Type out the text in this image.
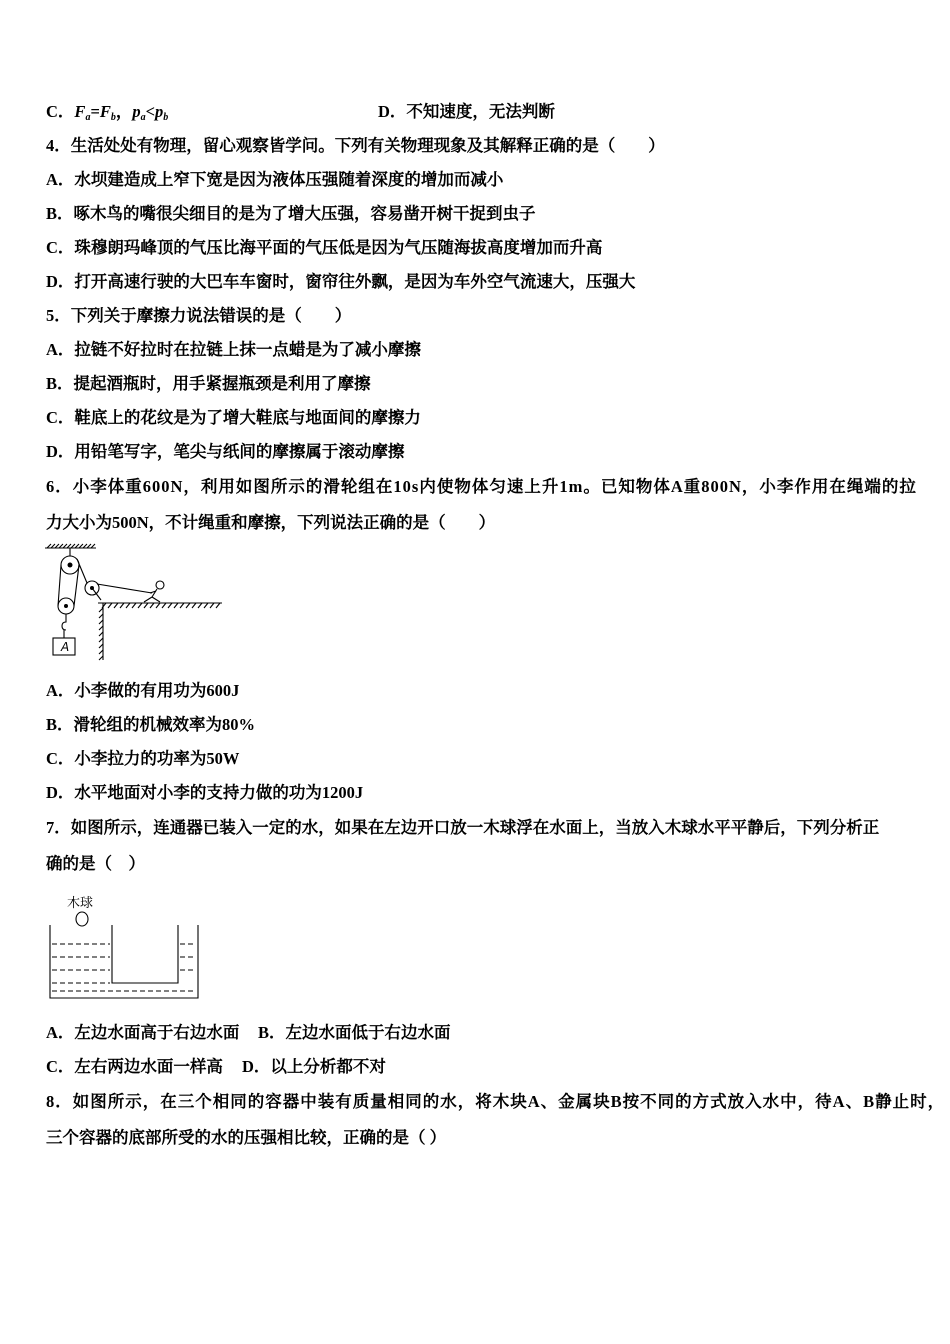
C．Fa=Fb，pa<pb	D．不知速度，无法判断
4．生活处处有物理，留心观察皆学问。下列有关物理现象及其解释正确的是（　　）
A．水坝建造成上窄下宽是因为液体压强随着深度的增加而减小
B．啄木鸟的嘴很尖细目的是为了增大压强，容易凿开树干捉到虫子
C．珠穆朗玛峰顶的气压比海平面的气压低是因为气压随海拔高度增加而升高
D．打开高速行驶的大巴车车窗时，窗帘往外飘，是因为车外空气流速大，压强大
5．下列关于摩擦力说法错误的是（　　）
A．拉链不好拉时在拉链上抹一点蜡是为了减小摩擦
B．提起酒瓶时，用手紧握瓶颈是利用了摩擦
C．鞋底上的花纹是为了增大鞋底与地面间的摩擦力
D．用铅笔写字，笔尖与纸间的摩擦属于滚动摩擦
6．小李体重600N，利用如图所示的滑轮组在10s内使物体匀速上升1m。已知物体A重800N，小李作用在绳端的拉
力大小为500N，不计绳重和摩擦，下列说法正确的是（　　）
A
A．小李做的有用功为600J
B．滑轮组的机械效率为80%
C．小李拉力的功率为50W
D．水平地面对小李的支持力做的功为1200J
7．如图所示，连通器已装入一定的水，如果在左边开口放一木球浮在水面上，当放入木球水平平静后，下列分析正
确的是（　）
木球
A．左边水面高于右边水面 B．左边水面低于右边水面
C．左右两边水面一样高 D．以上分析都不对
8．如图所示，在三个相同的容器中装有质量相同的水，将木块A、金属块B按不同的方式放入水中，待A、B静止时，
三个容器的底部所受的水的压强相比较，正确的是（ ）
